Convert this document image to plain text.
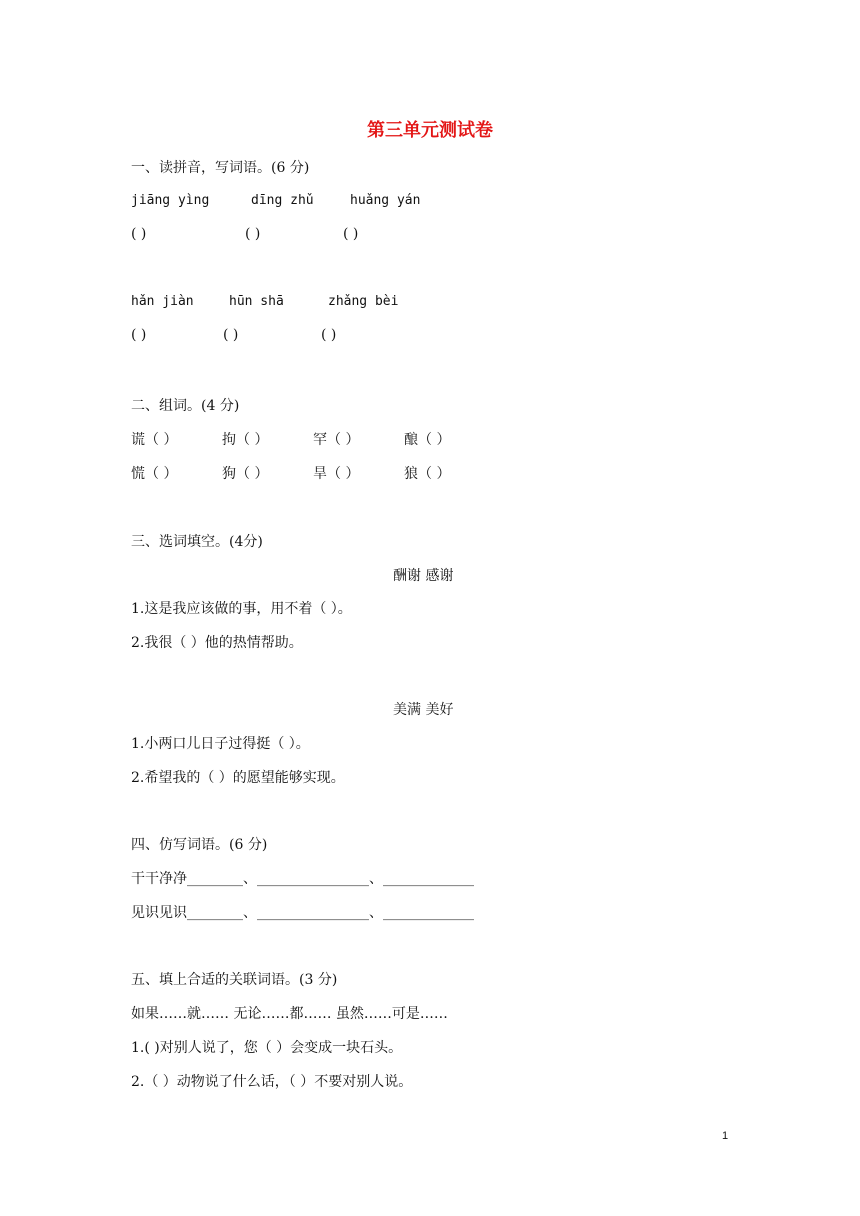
第三单元测试卷
一、读拼音，写词语。(6 分)
jiāng yìng	dīng zhǔ	huǎng yán
( )	( )	( )
hǎn jiàn	hūn shā	zhǎng bèi
( )	( )	( )
二、组词。(4 分)
谎（ ）	拘（ ）	罕（ ）	酿（ ）
慌（ ）	狗（ ）	旱（ ）	狼（ ）
三、选词填空。(4分)
酬谢 感谢
1.这是我应该做的事，用不着（ ）。
2.我很（ ）他的热情帮助。
美满 美好
1.小两口儿日子过得挺（ ）。
2.希望我的（ ）的愿望能够实现。
四、仿写词语。(6 分)
干干净净________、________________、_____________
见识见识________、________________、_____________
五、填上合适的关联词语。(3 分)
如果……就…… 无论……都…… 虽然……可是……
1.( )对别人说了，您（ ）会变成一块石头。
2.（ ）动物说了什么话，（ ）不要对别人说。
1
